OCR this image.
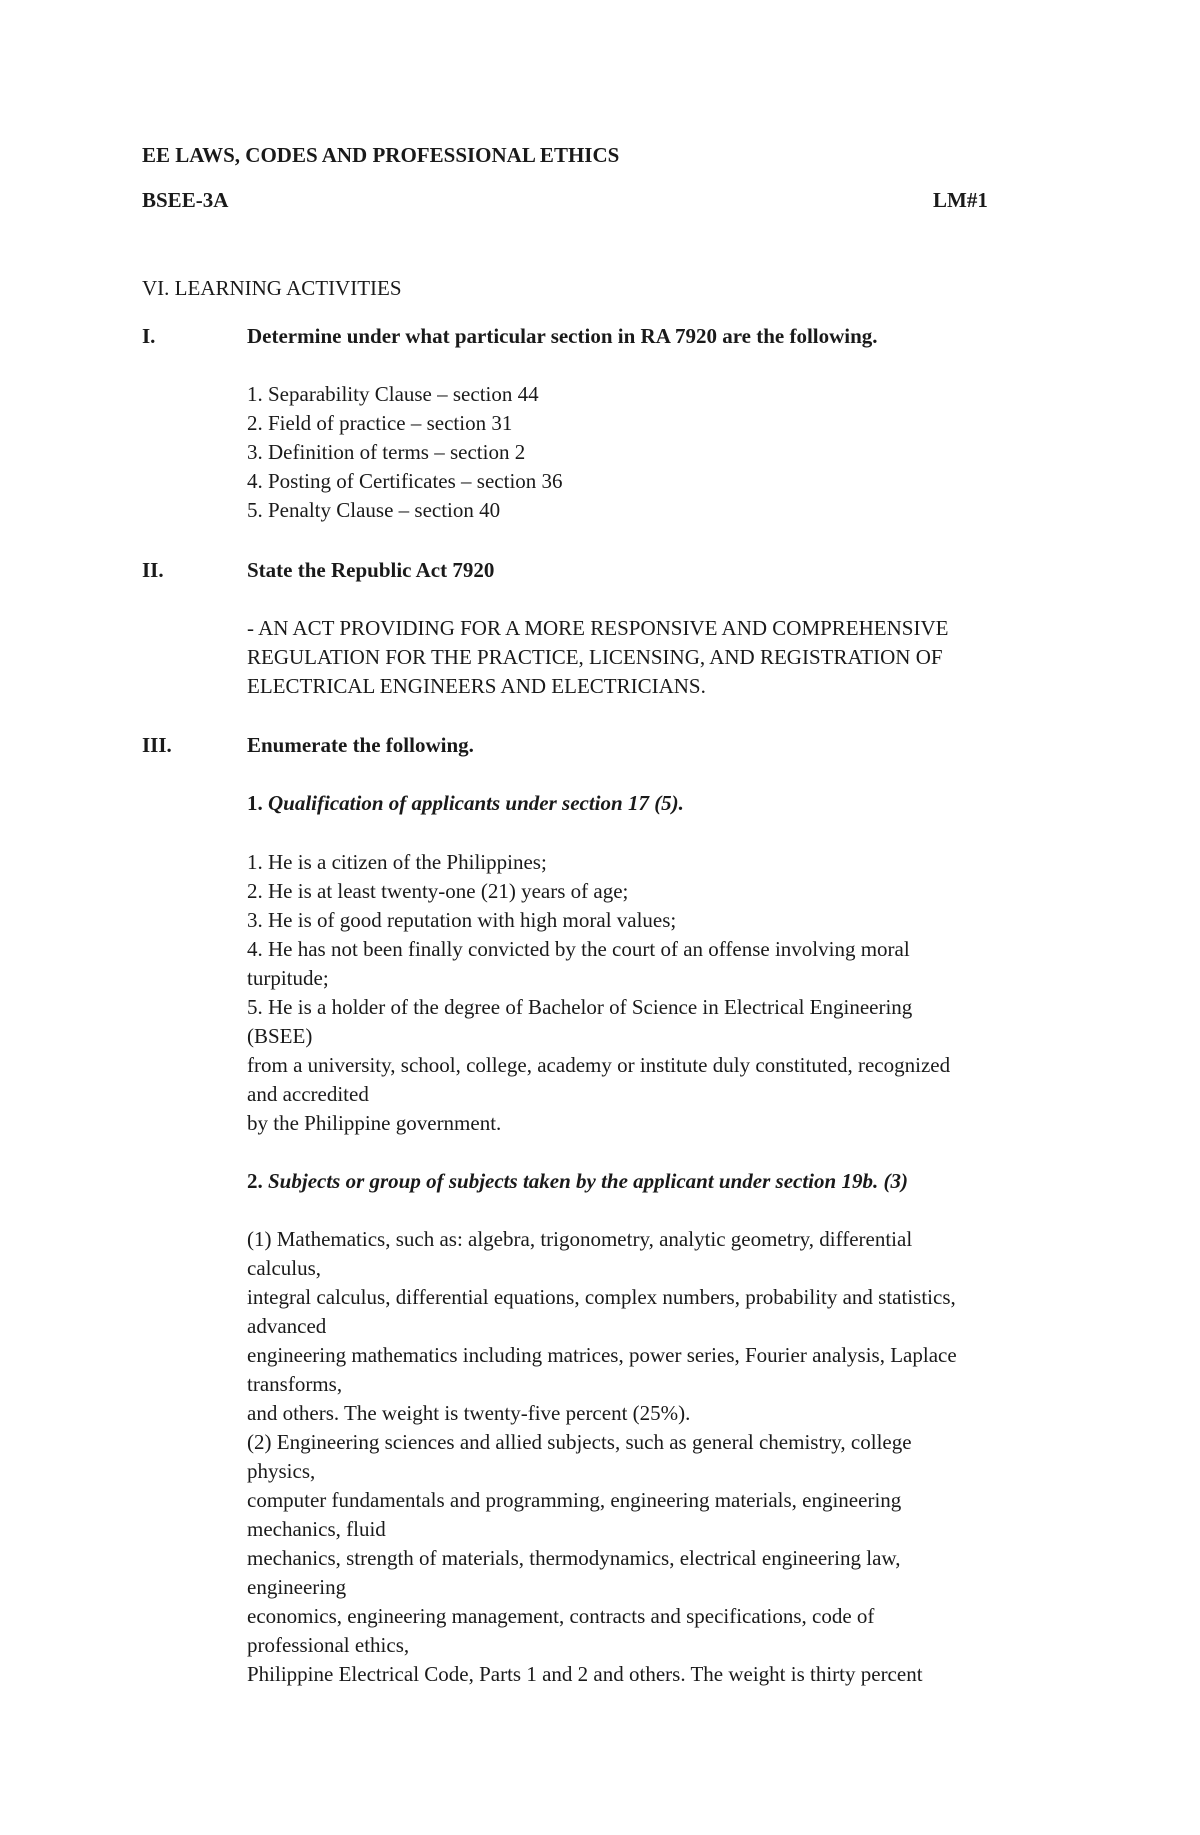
EE LAWS, CODES AND PROFESSIONAL ETHICS
BSEE-3A	LM#1
VI. LEARNING ACTIVITIES
I.	Determine under what particular section in RA 7920 are the following.
1. Separability Clause – section 44
2. Field of practice – section 31
3. Definition of terms – section 2
4. Posting of Certificates – section 36
5. Penalty Clause – section 40
II.	State the Republic Act 7920
- AN ACT PROVIDING FOR A MORE RESPONSIVE AND COMPREHENSIVE
REGULATION FOR THE PRACTICE, LICENSING, AND REGISTRATION OF
ELECTRICAL ENGINEERS AND ELECTRICIANS.
III.	Enumerate the following.
1. Qualification of applicants under section 17 (5).
1. He is a citizen of the Philippines;
2. He is at least twenty-one (21) years of age;
3. He is of good reputation with high moral values;
4. He has not been finally convicted by the court of an offense involving moral
turpitude;
5. He is a holder of the degree of Bachelor of Science in Electrical Engineering
(BSEE)
from a university, school, college, academy or institute duly constituted, recognized
and accredited
by the Philippine government.
2. Subjects or group of subjects taken by the applicant under section 19b. (3)
(1) Mathematics, such as: algebra, trigonometry, analytic geometry, differential
calculus,
integral calculus, differential equations, complex numbers, probability and statistics,
advanced
engineering mathematics including matrices, power series, Fourier analysis, Laplace
transforms,
and others. The weight is twenty-five percent (25%).
(2) Engineering sciences and allied subjects, such as general chemistry, college
physics,
computer fundamentals and programming, engineering materials, engineering
mechanics, fluid
mechanics, strength of materials, thermodynamics, electrical engineering law,
engineering
economics, engineering management, contracts and specifications, code of
professional ethics,
Philippine Electrical Code, Parts 1 and 2 and others. The weight is thirty percent
